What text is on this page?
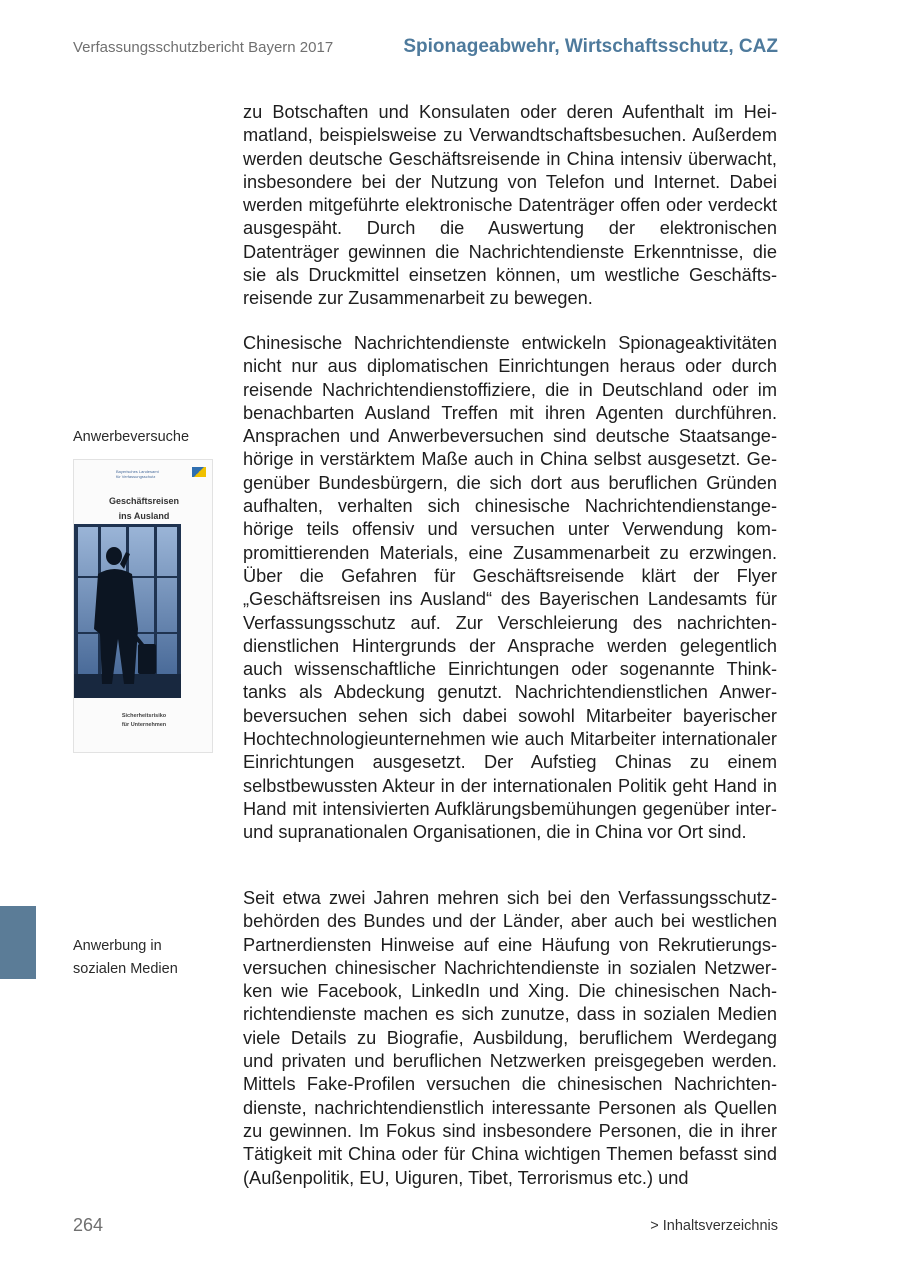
Verfassungsschutzbericht Bayern 2017	Spionageabwehr, Wirtschaftsschutz, CAZ
Anwerbeversuche
Bayerisches Landesamt
für Verfassungsschutz
Geschäftsreisen
ins Ausland
Sicherheitsrisiko
für Unternehmen
Anwerbung in
sozialen Medien
zu Botschaften und Konsulaten oder deren Aufenthalt im Heimatland, beispielsweise zu Verwandtschaftsbesuchen. Außerdem werden deutsche Geschäftsreisende in China intensiv überwacht, insbesondere bei der Nutzung von Telefon und Internet. Dabei werden mitgeführte elektronische Datenträger offen oder verdeckt ausgespäht. Durch die Auswertung der elektronischen Datenträger gewinnen die Nachrichtendienste Erkenntnisse, die sie als Druckmittel einsetzen können, um westliche Geschäftsreisende zur Zusammenarbeit zu bewegen.
Chinesische Nachrichtendienste entwickeln Spionageaktivitäten nicht nur aus diplomatischen Einrichtungen heraus oder durch reisende Nachrichtendienstoffiziere, die in Deutschland oder im benachbarten Ausland Treffen mit ihren Agenten durchführen. Ansprachen und Anwerbeversuchen sind deutsche Staatsangehörige in verstärktem Maße auch in China selbst ausgesetzt. Gegenüber Bundesbürgern, die sich dort aus beruflichen Gründen aufhalten, verhalten sich chinesische Nachrichtendienstangehörige teils offensiv und versuchen unter Verwendung kompromittierenden Materials, eine Zusammenarbeit zu erzwingen. Über die Gefahren für Geschäftsreisende klärt der Flyer „Geschäftsreisen ins Ausland“ des Bayerischen Landesamts für Verfassungsschutz auf. Zur Verschleierung des nachrichtendienstlichen Hintergrunds der Ansprache werden gelegentlich auch wissenschaftliche Einrichtungen oder sogenannte Thinktanks als Abdeckung genutzt. Nachrichtendienstlichen Anwerbeversuchen sehen sich dabei sowohl Mitarbeiter bayerischer Hochtechnologieunternehmen wie auch Mitarbeiter internationaler Einrichtungen ausgesetzt. Der Aufstieg Chinas zu einem selbstbewussten Akteur in der internationalen Politik geht Hand in Hand mit intensivierten Aufklärungsbemühungen gegenüber inter- und supranationalen Organisationen, die in China vor Ort sind.
Seit etwa zwei Jahren mehren sich bei den Verfassungsschutzbehörden des Bundes und der Länder, aber auch bei westlichen Partnerdiensten Hinweise auf eine Häufung von Rekrutierungsversuchen chinesischer Nachrichtendienste in sozialen Netzwerken wie Facebook, LinkedIn und Xing. Die chinesischen Nachrichtendienste machen es sich zunutze, dass in sozialen Medien viele Details zu Biografie, Ausbildung, beruflichem Werdegang und privaten und beruflichen Netzwerken preisgegeben werden. Mittels Fake-Profilen versuchen die chinesischen Nachrichtendienste, nachrichtendienstlich interessante Personen als Quellen zu gewinnen. Im Fokus sind insbesondere Personen, die in ihrer Tätigkeit mit China oder für China wichtigen Themen befasst sind (Außenpolitik, EU, Uiguren, Tibet, Terrorismus etc.) und
264	> Inhaltsverzeichnis
